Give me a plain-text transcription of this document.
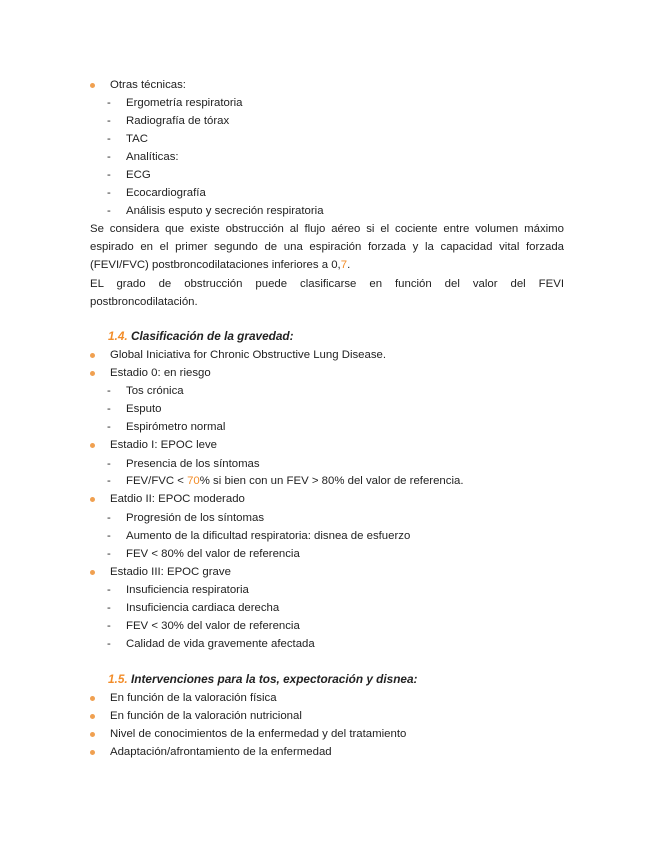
Otras técnicas:
- Ergometría respiratoria
- Radiografía de tórax
- TAC
- Analíticas:
- ECG
- Ecocardiografía
- Análisis esputo y secreción respiratoria
Se considera que existe obstrucción al flujo aéreo si el cociente entre volumen máximo
espirado en el primer segundo de una espiración forzada y la capacidad vital forzada
(FEVI/FVC) postbroncodilataciones inferiores a 0,7.
EL grado de obstrucción puede clasificarse en función del valor del FEVI
postbroncodilatación.
1.4. Clasificación de la gravedad:
Global Iniciativa for Chronic Obstructive Lung Disease.
Estadio 0: en riesgo
- Tos crónica
- Esputo
- Espirómetro normal
Estadio I: EPOC leve
- Presencia de los síntomas
- FEV/FVC < 70% si bien con un FEV > 80% del valor de referencia.
Eatdio II: EPOC moderado
- Progresión de los síntomas
- Aumento de la dificultad respiratoria: disnea de esfuerzo
- FEV < 80% del valor de referencia
Estadio III: EPOC grave
- Insuficiencia respiratoria
- Insuficiencia cardiaca derecha
- FEV < 30% del valor de referencia
- Calidad de vida gravemente afectada
1.5. Intervenciones para la tos, expectoración y disnea:
En función de la valoración física
En función de la valoración nutricional
Nivel de conocimientos de la enfermedad y del tratamiento
Adaptación/afrontamiento de la enfermedad
